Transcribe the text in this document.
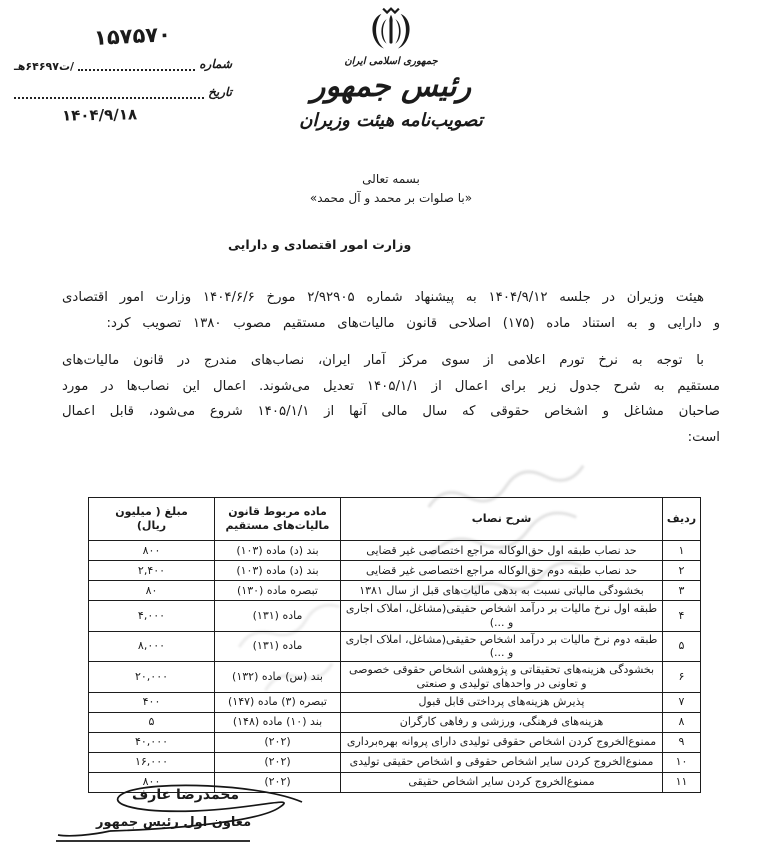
۱۵۷۵۷۰
شماره
/ت۶۴۶۹۷هـ
تاریخ
۱۴۰۴/۹/۱۸
جمهوری اسلامی ایران
رئیس جمهور
تصویب‌نامه هیئت وزیران
بسمه تعالی
«با صلوات بر محمد و آل محمد»
وزارت امور اقتصادی و دارایی

هیئت وزیران در جلسه ۱۴۰۴/۹/۱۲ به پیشنهاد شماره ۲/۹۲۹۰۵ مورخ ۱۴۰۴/۶/۶ وزارت امور اقتصادی و دارایی و به استناد ماده (۱۷۵) اصلاحی قانون مالیات‌های مستقیم مصوب ۱۳۸۰ تصویب کرد:

با توجه به نرخ تورم اعلامی از سوی مرکز آمار ایران، نصاب‌های مندرج در قانون مالیات‌های مستقیم به شرح جدول زیر برای اعمال از ۱۴۰۵/۱/۱ تعدیل می‌شوند. اعمال این نصاب‌ها در مورد صاحبان مشاغل و اشخاص حقوقی که سال مالی آنها از ۱۴۰۵/۱/۱ شروع می‌شود، قابل اعمال است:

ردیف	شرح نصاب	ماده مربوط قانون مالیات‌های مستقیم	مبلغ ( میلیون ریال)

۱	حد نصاب طبقه اول حق‌الوکاله مراجع اختصاصی غیر قضایی	بند (د) ماده (۱۰۳)	۸۰۰
۲	حد نصاب طبقه دوم حق‌الوکاله مراجع اختصاصی غیر قضایی	بند (د) ماده (۱۰۳)	۲,۴۰۰
۳	بخشودگی مالیاتی نسبت به بدهی مالیات‌های قبل از سال ۱۳۸۱	تبصره ماده (۱۳۰)	۸۰
۴	طبقه اول نرخ مالیات بر درآمد اشخاص حقیقی(مشاغل، املاک اجاری و ...)	ماده (۱۳۱)	۴,۰۰۰
۵	طبقه دوم نرخ مالیات بر درآمد اشخاص حقیقی(مشاغل، املاک اجاری و ...)	ماده (۱۳۱)	۸,۰۰۰
۶	بخشودگی هزینه‌های تحقیقاتی و پژوهشی اشخاص حقوقی خصوصی و تعاونی در واحدهای تولیدی و صنعتی	بند (س) ماده (۱۳۲)	۲۰,۰۰۰
۷	پذیرش هزینه‌های پرداختی قابل قبول	تبصره (۳) ماده (۱۴۷)	۴۰۰
۸	هزینه‌های فرهنگی، ورزشی و رفاهی کارگران	بند (۱۰) ماده (۱۴۸)	۵
۹	ممنوع‌الخروج کردن اشخاص حقوقی تولیدی دارای پروانه بهره‌برداری	(۲۰۲)	۴۰,۰۰۰
۱۰	ممنوع‌الخروج کردن سایر اشخاص حقوقی و اشخاص حقیقی تولیدی	(۲۰۲)	۱۶,۰۰۰
۱۱	ممنوع‌الخروج کردن سایر اشخاص حقیقی	(۲۰۲)	۸۰۰
محمدرضا عارف
معاون اول رئیس جمهور
